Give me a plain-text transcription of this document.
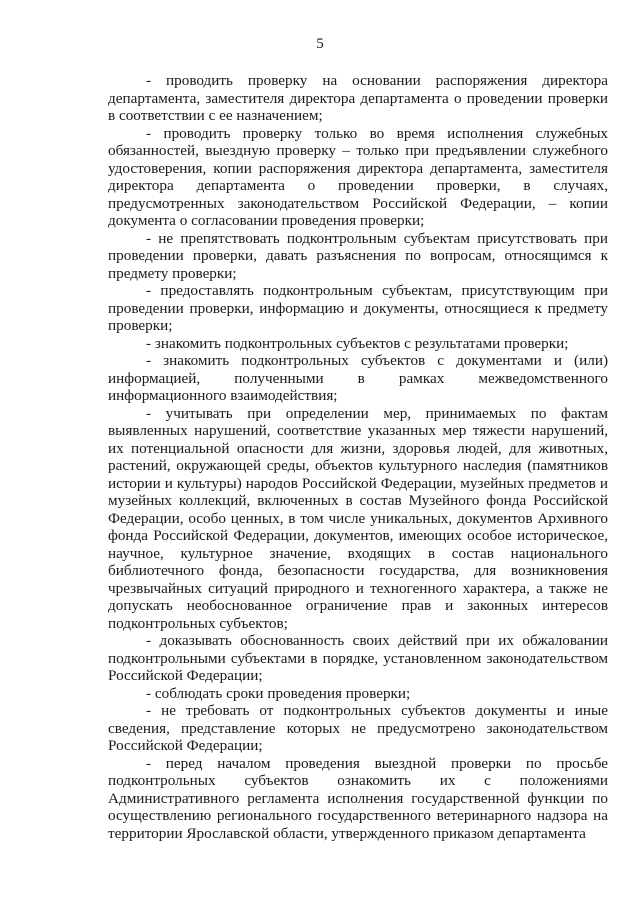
5

- проводить проверку на основании распоряжения директора департамента, заместителя директора департамента о проведении проверки в соответствии с ее назначением;

- проводить проверку только во время исполнения служебных обязанностей, выездную проверку – только при предъявлении служебного удостоверения, копии распоряжения директора департамента, заместителя директора департамента о проведении проверки, в случаях, предусмотренных законодательством Российской Федерации, – копии документа о согласовании проведения проверки;

- не препятствовать подконтрольным субъектам присутствовать при проведении проверки, давать разъяснения по вопросам, относящимся к предмету проверки;

- предоставлять подконтрольным субъектам, присутствующим при проведении проверки, информацию и документы, относящиеся к предмету проверки;

- знакомить подконтрольных субъектов с результатами проверки;

- знакомить подконтрольных субъектов с документами и (или) информацией, полученными в рамках межведомственного информационного взаимодействия;

- учитывать при определении мер, принимаемых по фактам выявленных нарушений, соответствие указанных мер тяжести нарушений, их потенциальной опасности для жизни, здоровья людей, для животных, растений, окружающей среды, объектов культурного наследия (памятников истории и культуры) народов Российской Федерации, музейных предметов и музейных коллекций, включенных в состав Музейного фонда Российской Федерации, особо ценных, в том числе уникальных, документов Архивного фонда Российской Федерации, документов, имеющих особое историческое, научное, культурное значение, входящих в состав национального библиотечного фонда, безопасности государства, для возникновения чрезвычайных ситуаций природного и техногенного характера, а также не допускать необоснованное ограничение прав и законных интересов подконтрольных субъектов;

- доказывать обоснованность своих действий при их обжаловании подконтрольными субъектами в порядке, установленном законодательством Российской Федерации;

- соблюдать сроки проведения проверки;

- не требовать от подконтрольных субъектов документы и иные сведения, представление которых не предусмотрено законодательством Российской Федерации;

- перед началом проведения выездной проверки по просьбе подконтрольных субъектов ознакомить их с положениями Административного регламента исполнения государственной функции по осуществлению регионального государственного ветеринарного надзора на территории Ярославской области, утвержденного приказом департамента
